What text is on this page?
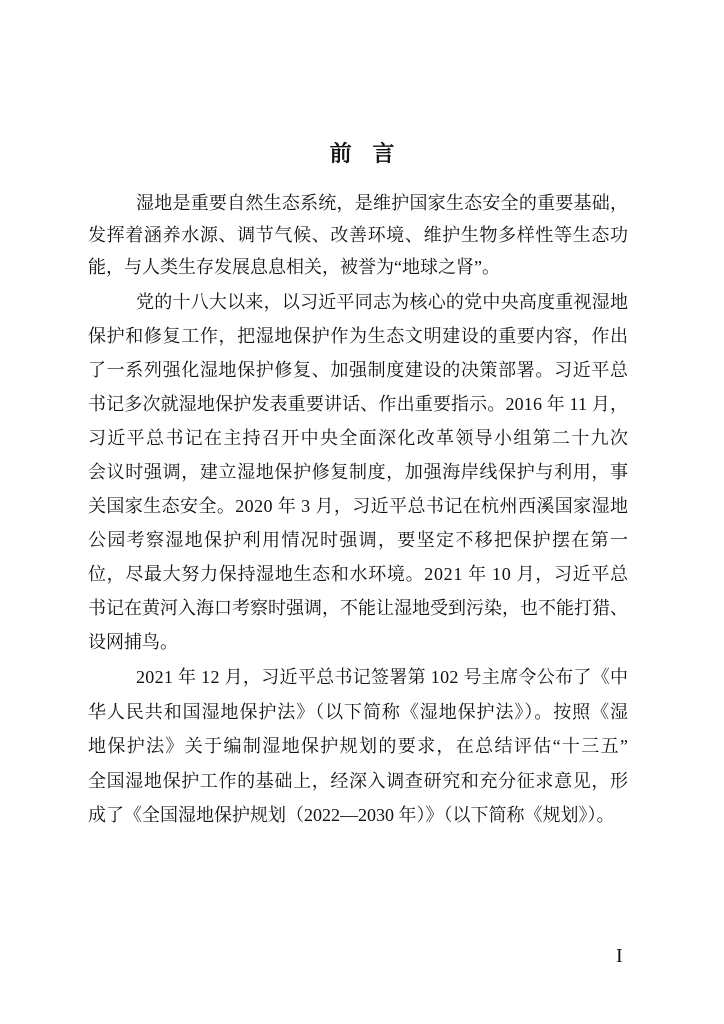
前 言
湿地是重要自然生态系统，是维护国家生态安全的重要基础，
发挥着涵养水源、调节气候、改善环境、维护生物多样性等生态功
能，与人类生存发展息息相关，被誉为“地球之肾”。
党的十八大以来，以习近平同志为核心的党中央高度重视湿地
保护和修复工作，把湿地保护作为生态文明建设的重要内容，作出
了一系列强化湿地保护修复、加强制度建设的决策部署。习近平总
书记多次就湿地保护发表重要讲话、作出重要指示。2016 年 11 月，
习近平总书记在主持召开中央全面深化改革领导小组第二十九次
会议时强调，建立湿地保护修复制度，加强海岸线保护与利用，事
关国家生态安全。2020 年 3 月，习近平总书记在杭州西溪国家湿地
公园考察湿地保护利用情况时强调，要坚定不移把保护摆在第一
位，尽最大努力保持湿地生态和水环境。2021 年 10 月，习近平总
书记在黄河入海口考察时强调，不能让湿地受到污染，也不能打猎、
设网捕鸟。
2021 年 12 月，习近平总书记签署第 102 号主席令公布了《中
华人民共和国湿地保护法》（以下简称《湿地保护法》）。按照《湿
地保护法》关于编制湿地保护规划的要求，在总结评估“十三五”
全国湿地保护工作的基础上，经深入调查研究和充分征求意见，形
成了《全国湿地保护规划（2022—2030 年）》（以下简称《规划》）。
I
